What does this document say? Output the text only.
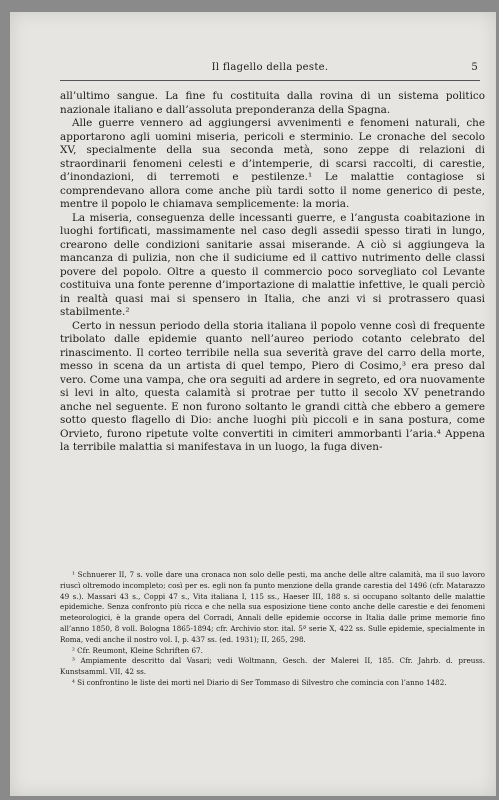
Il flagello della peste.	5

all’ultimo sangue. La fine fu costituita dalla rovina di un sistema politico nazionale italiano e dall’assoluta preponderanza della Spagna.

Alle guerre vennero ad aggiungersi avvenimenti e fenomeni naturali, che apportarono agli uomini miseria, pericoli e sterminio. Le cronache del secolo XV, specialmente della sua seconda metà, sono zeppe di relazioni di straordinarii fenomeni celesti e d’intemperie, di scarsi raccolti, di carestie, d’inondazioni, di terremoti e pestilenze.¹ Le malattie contagiose si comprendevano allora come anche più tardi sotto il nome generico di peste, mentre il popolo le chiamava semplicemente: la moria.

La miseria, conseguenza delle incessanti guerre, e l’angusta coabitazione in luoghi fortificati, massimamente nel caso degli assedii spesso tirati in lungo, crearono delle condizioni sanitarie assai miserande. A ciò si aggiungeva la mancanza di pulizia, non che il sudiciume ed il cattivo nutrimento delle classi povere del popolo. Oltre a questo il commercio poco sorvegliato col Levante costituiva una fonte perenne d’importazione di malattie infettive, le quali perciò in realtà quasi mai si spensero in Italia, che anzi vi si protrassero quasi stabilmente.²

Certo in nessun periodo della storia italiana il popolo venne così di frequente tribolato dalle epidemie quanto nell’aureo periodo cotanto celebrato del rinascimento. Il corteo terribile nella sua severità grave del carro della morte, messo in scena da un artista di quel tempo, Piero di Cosimo,³ era preso dal vero. Come una vampa, che ora seguiti ad ardere in segreto, ed ora nuovamente si levi in alto, questa calamità si protrae per tutto il secolo XV penetrando anche nel seguente. E non furono soltanto le grandi città che ebbero a gemere sotto questo flagello di Dio: anche luoghi più piccoli e in sana postura, come Orvieto, furono ripetute volte convertiti in cimiteri ammorbanti l’aria.⁴ Appena la terribile malattia si manifestava in un luogo, la fuga diven-

¹ Schnuerer II, 7 s. volle dare una cronaca non solo delle pesti, ma anche delle altre calamità, ma il suo lavoro riuscì oltremodo incompleto; così per es. egli non fa punto menzione della grande carestia del 1496 (cfr. Matarazzo 49 s.). Massari 43 s., Coppi 47 s., Vita italiana I, 115 ss., Haeser III, 188 s. si occupano soltanto delle malattie epidemiche. Senza confronto più ricca e che nella sua esposizione tiene conto anche delle carestie e dei fenomeni meteorologici, è la grande opera del Corradi, Annali delle epidemie occorse in Italia dalle prime memorie fino all’anno 1850, 8 voll. Bologna 1865-1894; cfr. Archivio stor. ital. 5ª serie X, 422 ss. Sulle epidemie, specialmente in Roma, vedi anche il nostro vol. I, p. 437 ss. (ed. 1931); II, 265, 298.

² Cfr. Reumont, Kleine Schriften 67.

³ Ampiamente descritto dal Vasari; vedi Woltmann, Gesch. der Malerei II, 185. Cfr. Jahrb. d. preuss. Kunstsamml. VII, 42 ss.

⁴ Si confrontino le liste dei morti nel Diario di Ser Tommaso di Silvestro che comincia con l’anno 1482.
